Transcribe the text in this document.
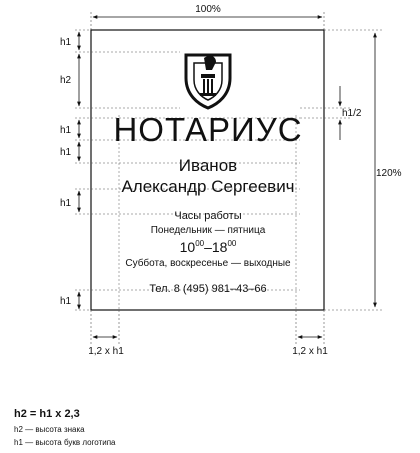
100%
h1
h2
h1
h1
h1
h1
120%
h1/2
1,2 x h1	1,2 x h1
НОТАРИУС
Иванов
Александр Сергеевич
Часы работы
Понедельник — пятница
$10^{00}-18^{00}$
Суббота, воскресенье — выходные
Тел. 8 (495) 981–43–66
h2 = h1 x 2,3
h2 — высота знака
h1 — высота букв логотипа
